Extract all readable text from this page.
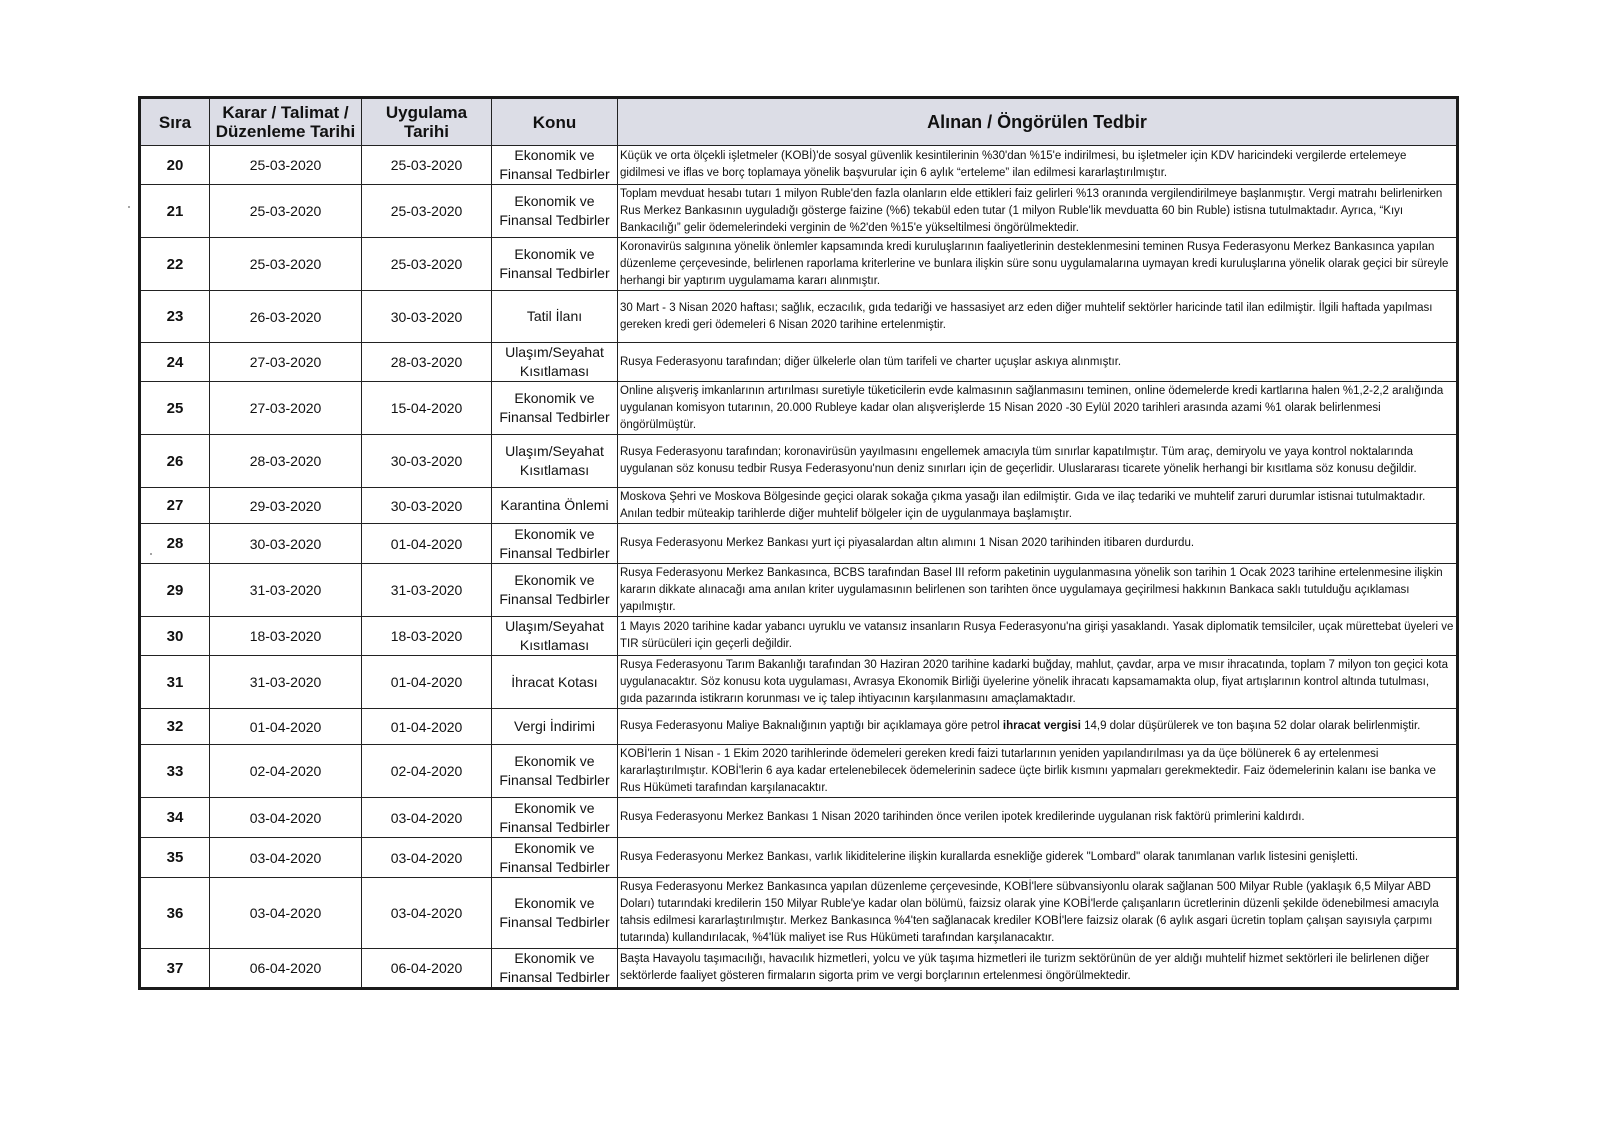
Sıra	Karar / Talimat / Düzenleme Tarihi	Uygulama Tarihi	Konu	Alınan / Öngörülen Tedbir
20	25-03-2020	25-03-2020	Ekonomik ve Finansal Tedbirler	Küçük ve orta ölçekli işletmeler (KOBİ)'de sosyal güvenlik kesintilerinin %30'dan %15'e indirilmesi, bu işletmeler için KDV haricindeki vergilerde ertelemeye gidilmesi ve iflas ve borç toplamaya yönelik başvurular için 6 aylık “erteleme” ilan edilmesi kararlaştırılmıştır.
21	25-03-2020	25-03-2020	Ekonomik ve Finansal Tedbirler	Toplam mevduat hesabı tutarı 1 milyon Ruble'den fazla olanların elde ettikleri faiz gelirleri %13 oranında vergilendirilmeye başlanmıştır. Vergi matrahı belirlenirken Rus Merkez Bankasının uyguladığı gösterge faizine (%6) tekabül eden tutar (1 milyon Ruble'lik mevduatta 60 bin Ruble) istisna tutulmaktadır. Ayrıca, “Kıyı Bankacılığı” gelir ödemelerindeki verginin de %2'den %15'e yükseltilmesi öngörülmektedir.
22	25-03-2020	25-03-2020	Ekonomik ve Finansal Tedbirler	Koronavirüs salgınına yönelik önlemler kapsamında kredi kuruluşlarının faaliyetlerinin desteklenmesini teminen Rusya Federasyonu Merkez Bankasınca yapılan düzenleme çerçevesinde, belirlenen raporlama kriterlerine ve bunlara ilişkin süre sonu uygulamalarına uymayan kredi kuruluşlarına yönelik olarak geçici bir süreyle herhangi bir yaptırım uygulamama kararı alınmıştır.
23	26-03-2020	30-03-2020	Tatil İlanı	30 Mart - 3 Nisan 2020 haftası; sağlık, eczacılık, gıda tedariği ve hassasiyet arz eden diğer muhtelif sektörler haricinde tatil ilan edilmiştir. İlgili haftada yapılması gereken kredi geri ödemeleri 6 Nisan 2020 tarihine ertelenmiştir.
24	27-03-2020	28-03-2020	Ulaşım/Seyahat Kısıtlaması	Rusya Federasyonu tarafından; diğer ülkelerle olan tüm tarifeli ve charter uçuşlar askıya alınmıştır.
25	27-03-2020	15-04-2020	Ekonomik ve Finansal Tedbirler	Online alışveriş imkanlarının artırılması suretiyle tüketicilerin evde kalmasının sağlanmasını teminen, online ödemelerde kredi kartlarına halen %1,2-2,2 aralığında uygulanan komisyon tutarının, 20.000 Rubleye kadar olan alışverişlerde 15 Nisan 2020 -30 Eylül 2020 tarihleri arasında azami %1 olarak belirlenmesi öngörülmüştür.
26	28-03-2020	30-03-2020	Ulaşım/Seyahat Kısıtlaması	Rusya Federasyonu tarafından; koronavirüsün yayılmasını engellemek amacıyla tüm sınırlar kapatılmıştır. Tüm araç, demiryolu ve yaya kontrol noktalarında uygulanan söz konusu tedbir Rusya Federasyonu'nun deniz sınırları için de geçerlidir. Uluslararası ticarete yönelik herhangi bir kısıtlama söz konusu değildir.
27	29-03-2020	30-03-2020	Karantina Önlemi	Moskova Şehri ve Moskova Bölgesinde geçici olarak sokağa çıkma yasağı ilan edilmiştir. Gıda ve ilaç tedariki ve muhtelif zaruri durumlar istisnai tutulmaktadır. Anılan tedbir müteakip tarihlerde diğer muhtelif bölgeler için de uygulanmaya başlamıştır.
28	30-03-2020	01-04-2020	Ekonomik ve Finansal Tedbirler	Rusya Federasyonu Merkez Bankası yurt içi piyasalardan altın alımını 1 Nisan 2020 tarihinden itibaren durdurdu.
29	31-03-2020	31-03-2020	Ekonomik ve Finansal Tedbirler	Rusya Federasyonu Merkez Bankasınca, BCBS tarafından Basel III reform paketinin uygulanmasına yönelik son tarihin 1 Ocak 2023 tarihine ertelenmesine ilişkin kararın dikkate alınacağı ama anılan kriter uygulamasının belirlenen son tarihten önce uygulamaya geçirilmesi hakkının Bankaca saklı tutulduğu açıklaması yapılmıştır.
30	18-03-2020	18-03-2020	Ulaşım/Seyahat Kısıtlaması	1 Mayıs 2020 tarihine kadar yabancı uyruklu ve vatansız insanların Rusya Federasyonu'na girişi yasaklandı. Yasak diplomatik temsilciler, uçak mürettebat üyeleri ve TIR sürücüleri için geçerli değildir.
31	31-03-2020	01-04-2020	İhracat Kotası	Rusya Federasyonu Tarım Bakanlığı tarafından 30 Haziran 2020 tarihine kadarki buğday, mahlut, çavdar, arpa ve mısır ihracatında, toplam 7 milyon ton geçici kota uygulanacaktır. Söz konusu kota uygulaması, Avrasya Ekonomik Birliği üyelerine yönelik ihracatı kapsamamakta olup, fiyat artışlarının kontrol altında tutulması, gıda pazarında istikrarın korunması ve iç talep ihtiyacının karşılanmasını amaçlamaktadır.
32	01-04-2020	01-04-2020	Vergi İndirimi	Rusya Federasyonu Maliye Baknalığının yaptığı bir açıklamaya göre petrol ihracat vergisi 14,9 dolar düşürülerek ve ton başına 52 dolar olarak belirlenmiştir.
33	02-04-2020	02-04-2020	Ekonomik ve Finansal Tedbirler	KOBİ'lerin 1 Nisan - 1 Ekim 2020 tarihlerinde ödemeleri gereken kredi faizi tutarlarının yeniden yapılandırılması ya da üçe bölünerek 6 ay ertelenmesi kararlaştırılmıştır. KOBİ'lerin 6 aya kadar ertelenebilecek ödemelerinin sadece üçte birlik kısmını yapmaları gerekmektedir. Faiz ödemelerinin kalanı ise banka ve Rus Hükümeti tarafından karşılanacaktır.
34	03-04-2020	03-04-2020	Ekonomik ve Finansal Tedbirler	Rusya Federasyonu Merkez Bankası 1 Nisan 2020 tarihinden önce verilen ipotek kredilerinde uygulanan risk faktörü primlerini kaldırdı.
35	03-04-2020	03-04-2020	Ekonomik ve Finansal Tedbirler	Rusya Federasyonu Merkez Bankası, varlık likiditelerine ilişkin kurallarda esnekliğe giderek "Lombard" olarak tanımlanan varlık listesini genişletti.
36	03-04-2020	03-04-2020	Ekonomik ve Finansal Tedbirler	Rusya Federasyonu Merkez Bankasınca yapılan düzenleme çerçevesinde, KOBİ'lere sübvansiyonlu olarak sağlanan 500 Milyar Ruble (yaklaşık 6,5 Milyar ABD Doları) tutarındaki kredilerin 150 Milyar Ruble'ye kadar olan bölümü, faizsiz olarak yine KOBİ'lerde çalışanların ücretlerinin düzenli şekilde ödenebilmesi amacıyla tahsis edilmesi kararlaştırılmıştır. Merkez Bankasınca %4'ten sağlanacak krediler KOBİ'lere faizsiz olarak (6 aylık asgari ücretin toplam çalışan sayısıyla çarpımı tutarında) kullandırılacak, %4'lük maliyet ise Rus Hükümeti tarafından karşılanacaktır.
37	06-04-2020	06-04-2020	Ekonomik ve Finansal Tedbirler	Başta Havayolu taşımacılığı, havacılık hizmetleri, yolcu ve yük taşıma hizmetleri ile turizm sektörünün de yer aldığı muhtelif hizmet sektörleri ile belirlenen diğer sektörlerde faaliyet gösteren firmaların sigorta prim ve vergi borçlarının ertelenmesi öngörülmektedir.
